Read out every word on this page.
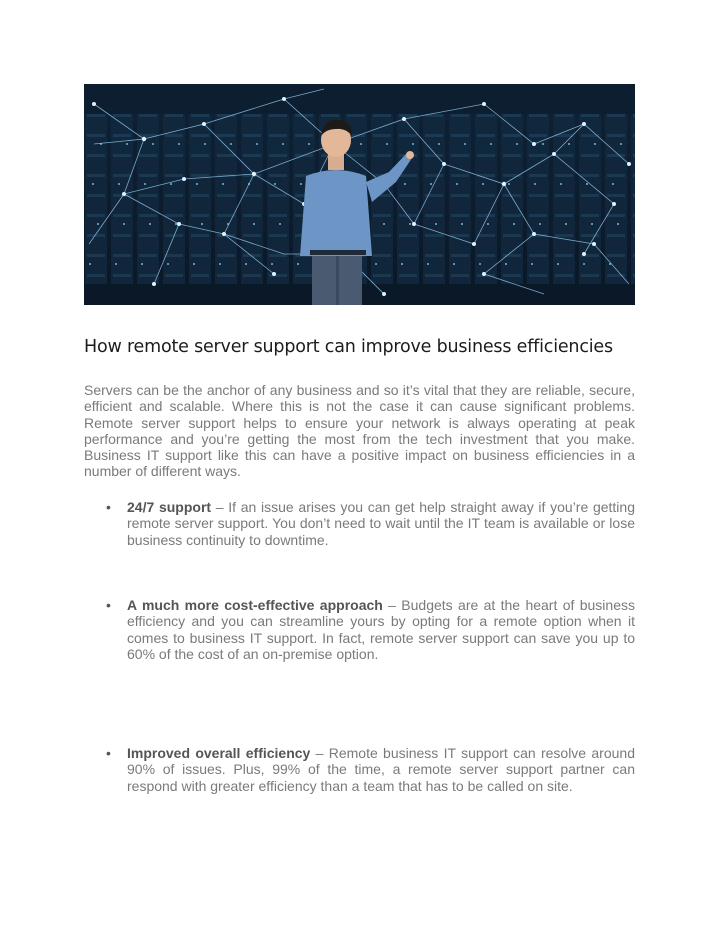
How remote server support can improve business efficiencies

Servers can be the anchor of any business and so it’s vital that they are reliable, secure, efficient and scalable. Where this is not the case it can cause significant problems. Remote server support helps to ensure your network is always operating at peak performance and you’re getting the most from the tech investment that you make. Business IT support like this can have a positive impact on business efficiencies in a number of different ways.

• 24/7 support – If an issue arises you can get help straight away if you’re getting remote server support. You don’t need to wait until the IT team is available or lose business continuity to downtime.
• A much more cost-effective approach – Budgets are at the heart of business efficiency and you can streamline yours by opting for a remote option when it comes to business IT support. In fact, remote server support can save you up to 60% of the cost of an on-premise option.
• Improved overall efficiency – Remote business IT support can resolve around 90% of issues. Plus, 99% of the time, a remote server support partner can respond with greater efficiency than a team that has to be called on site.
